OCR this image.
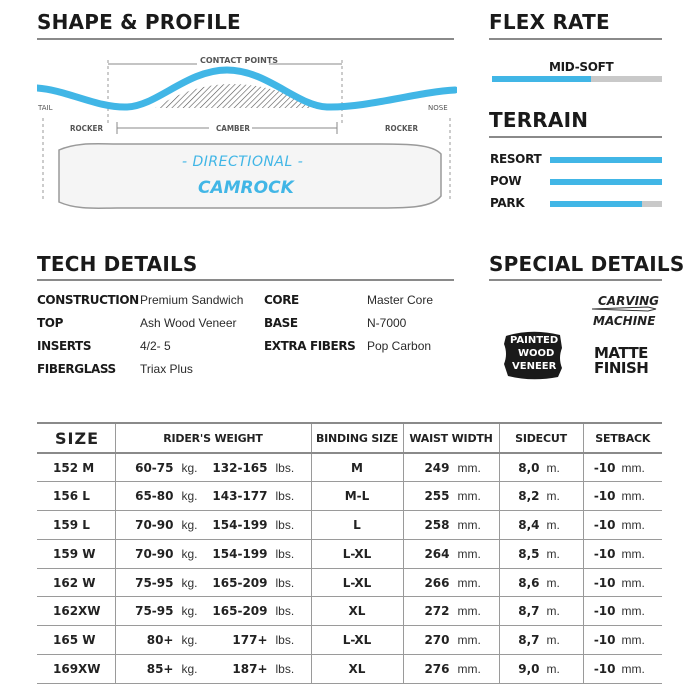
SHAPE & PROFILE
CONTACT POINTS
TAIL	NOSE
ROCKER	CAMBER	ROCKER
- DIRECTIONAL -
CAMROCK
FLEX RATE
MID-SOFT
TERRAIN
RESORT
POW
PARK
TECH DETAILS
CONSTRUCTION Premium Sandwich
TOP	Ash Wood Veneer
INSERTS	4/2- 5
FIBERGLASS Triax Plus
CORE	Master Core
BASE	N-7000
EXTRA FIBERS Pop Carbon
SPECIAL DETAILS
CARVING
MACHINE
PAINTED
WOOD
VENEER
MATTE
FINISH
SIZE	RIDER'S WEIGHT	BINDING SIZE	WAIST WIDTH	SIDECUT	SETBACK
152 M	60-75 kg. 132-165 lbs.	M	249 mm.	8,0 m.	-10 mm.
156 L	65-80 kg. 143-177 lbs.	M-L	255 mm.	8,2 m.	-10 mm.
159 L	70-90 kg. 154-199 lbs.	L	258 mm.	8,4 m.	-10 mm.
159 W	70-90 kg. 154-199 lbs.	L-XL	264 mm.	8,5 m.	-10 mm.
162 W	75-95 kg. 165-209 lbs.	L-XL	266 mm.	8,6 m.	-10 mm.
162XW	75-95 kg. 165-209 lbs.	XL	272 mm.	8,7 m.	-10 mm.
165 W	80+ kg. 177+ lbs.	L-XL	270 mm.	8,7 m.	-10 mm.
169XW	85+ kg. 187+ lbs.	XL	276 mm.	9,0 m.	-10 mm.
